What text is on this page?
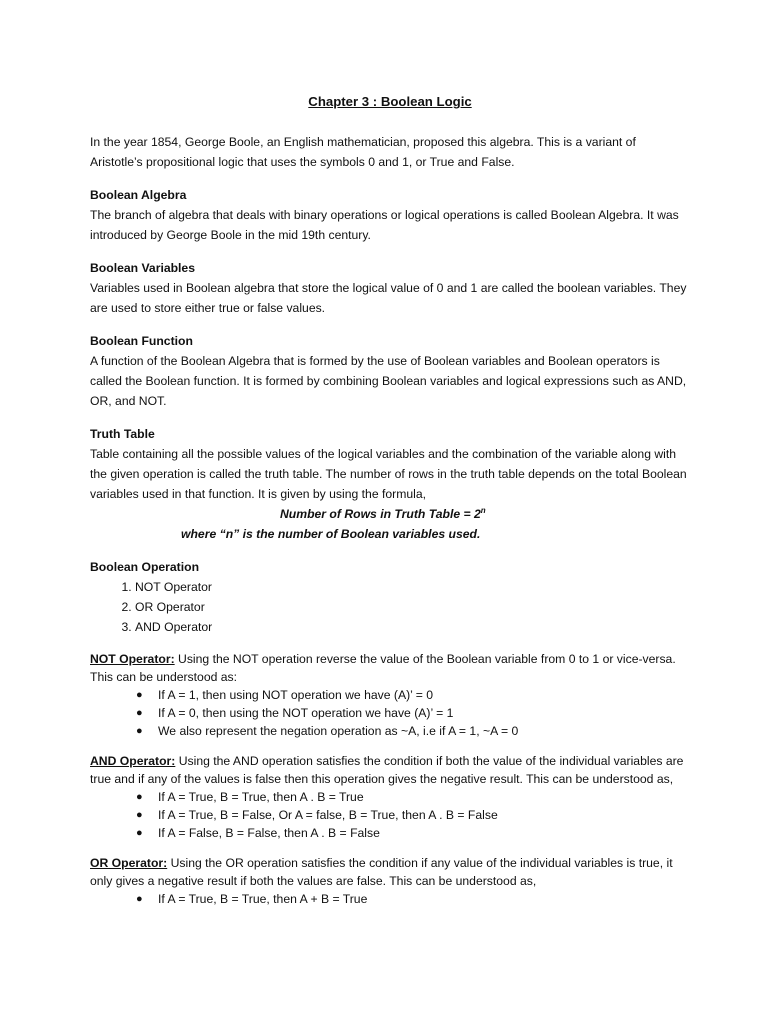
Chapter 3 : Boolean Logic

In the year 1854, George Boole, an English mathematician, proposed this algebra. This is a variant of Aristotle’s propositional logic that uses the symbols 0 and 1, or True and False.

Boolean Algebra

The branch of algebra that deals with binary operations or logical operations is called Boolean Algebra. It was introduced by George Boole in the mid 19th century.

Boolean Variables

Variables used in Boolean algebra that store the logical value of 0 and 1 are called the boolean variables. They are used to store either true or false values.

Boolean Function

A function of the Boolean Algebra that is formed by the use of Boolean variables and Boolean operators is called the Boolean function. It is formed by combining Boolean variables and logical expressions such as AND, OR, and NOT.

Truth Table

Table containing all the possible values of the logical variables and the combination of the variable along with the given operation is called the truth table. The number of rows in the truth table depends on the total Boolean variables used in that function. It is given by using the formula,

Number of Rows in Truth Table = $2^n$

where “n” is the number of Boolean variables used.

Boolean Operation

1. NOT Operator
2. OR Operator
3. AND Operator

NOT Operator: Using the NOT operation reverse the value of the Boolean variable from 0 to 1 or vice-versa. This can be understood as:

● If A = 1, then using NOT operation we have (A)’ = 0
● If A = 0, then using the NOT operation we have (A)’ = 1
● We also represent the negation operation as ~A, i.e if A = 1, ~A = 0

AND Operator: Using the AND operation satisfies the condition if both the value of the individual variables are true and if any of the values is false then this operation gives the negative result. This can be understood as,

● If A = True, B = True, then A . B = True
● If A = True, B = False, Or A = false, B = True, then A . B = False
● If A = False, B = False, then A . B = False

OR Operator: Using the OR operation satisfies the condition if any value of the individual variables is true, it only gives a negative result if both the values are false. This can be understood as,

● If A = True, B = True, then A + B = True
